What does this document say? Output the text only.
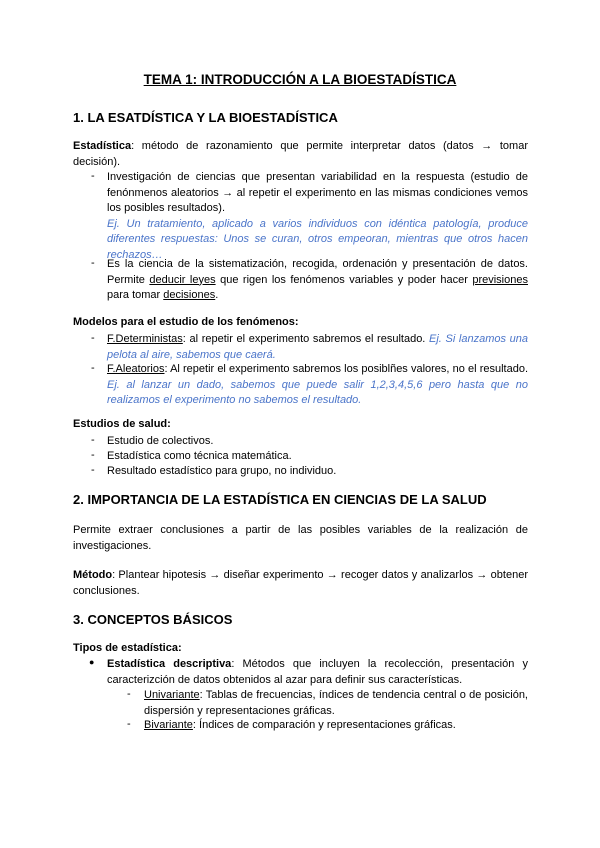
TEMA 1: INTRODUCCIÓN A LA BIOESTADÍSTICA
1. LA ESATDÍSTICA Y LA BIOESTADÍSTICA
Estadística: método de razonamiento que permite interpretar datos (datos → tomar decisión).
- Investigación de ciencias que presentan variabilidad en la respuesta (estudio de fenónmenos aleatorios → al repetir el experimento en las mismas condiciones vemos los posibles resultados).
Ej. Un tratamiento, aplicado a varios individuos con idéntica patología, produce diferentes respuestas: Unos se curan, otros empeoran, mientras que otros hacen rechazos…
- Es la ciencia de la sistematización, recogida, ordenación y presentación de datos. Permite deducir leyes que rigen los fenómenos variables y poder hacer previsiones para tomar decisiones.
Modelos para el estudio de los fenómenos:
- F.Deterministas: al repetir el experimento sabremos el resultado. Ej. Si lanzamos una pelota al aire, sabemos que caerá.
- F.Aleatorios: Al repetir el experimento sabremos los posiblñes valores, no el resultado. Ej. al lanzar un dado, sabemos que puede salir 1,2,3,4,5,6 pero hasta que no realizamos el experimento no sabemos el resultado.
Estudios de salud:
- Estudio de colectivos.
- Estadística como técnica matemática.
- Resultado estadístico para grupo, no individuo.
2. IMPORTANCIA DE LA ESTADÍSTICA EN CIENCIAS DE LA SALUD
Permite extraer conclusiones a partir de las posibles variables de la realización de investigaciones.
Método: Plantear hipotesis → diseñar experimento → recoger datos y analizarlos → obtener conclusiones.
3. CONCEPTOS BÁSICOS
Tipos de estadística:
● Estadística descriptiva: Métodos que incluyen la recolección, presentación y caracterizción de datos obtenidos al azar para definir sus características.
- Univariante: Tablas de frecuencias, índices de tendencia central o de posición, dispersión y representaciones gráficas.
- Bivariante: Índices de comparación y representaciones gráficas.
